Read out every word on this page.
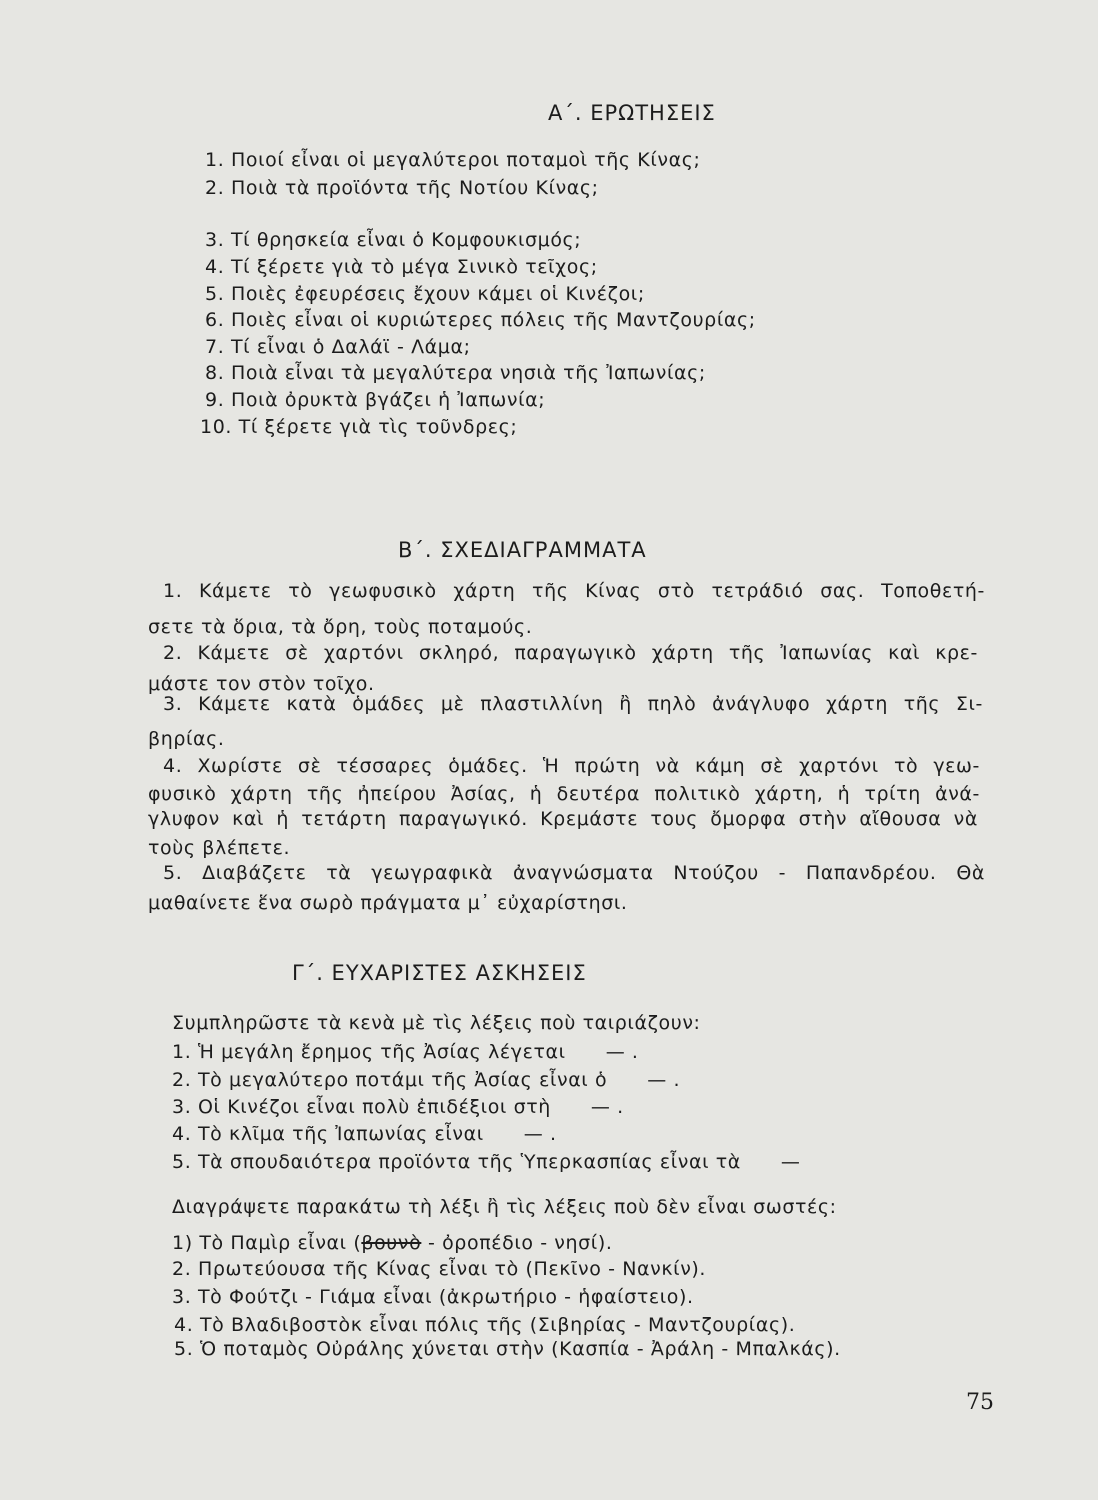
Α΄. ΕΡΩΤΗΣΕΙΣ
1. Ποιοί εἶναι οἱ μεγαλύτεροι ποταμοὶ τῆς Κίνας;
2. Ποιὰ τὰ προϊόντα τῆς Νοτίου Κίνας;
3. Τί θρησκεία εἶναι ὁ Κομφουκισμός;
4. Τί ξέρετε γιὰ τὸ μέγα Σινικὸ τεῖχος;
5. Ποιὲς ἐφευρέσεις ἔχουν κάμει οἱ Κινέζοι;
6. Ποιὲς εἶναι οἱ κυριώτερες πόλεις τῆς Μαντζουρίας;
7. Τί εἶναι ὁ Δαλάϊ - Λάμα;
8. Ποιὰ εἶναι τὰ μεγαλύτερα νησιὰ τῆς Ἰαπωνίας;
9. Ποιὰ ὀρυκτὰ βγάζει ἡ Ἰαπωνία;
10. Τί ξέρετε γιὰ τὶς τοῦνδρες;
Β΄. ΣΧΕΔΙΑΓΡΑΜΜΑΤΑ
1. Κάμετε τὸ γεωφυσικὸ χάρτη τῆς Κίνας στὸ τετράδιό σας. Τοποθετή-
σετε τὰ ὅρια, τὰ ὄρη, τοὺς ποταμούς.
2. Κάμετε σὲ χαρτόνι σκληρό, παραγωγικὸ χάρτη τῆς Ἰαπωνίας καὶ κρε-
μάστε τον στὸν τοῖχο.
3. Κάμετε κατὰ ὁμάδες μὲ πλαστιλλίνη ἢ πηλὸ ἀνάγλυφο χάρτη τῆς Σι-
βηρίας.
4. Χωρίστε σὲ τέσσαρες ὁμάδες. Ἡ πρώτη νὰ κάμη σὲ χαρτόνι τὸ γεω-
φυσικὸ χάρτη τῆς ἠπείρου Ἀσίας, ἡ δευτέρα πολιτικὸ χάρτη, ἡ τρίτη ἀνά-
γλυφον καὶ ἡ τετάρτη παραγωγικό. Κρεμάστε τους ὄμορφα στὴν αἴθουσα νὰ
τοὺς βλέπετε.
5. Διαβάζετε τὰ γεωγραφικὰ ἀναγνώσματα Ντούζου - Παπανδρέου. Θὰ
μαθαίνετε ἕνα σωρὸ πράγματα μ᾿ εὐχαρίστησι.
Γ΄. ΕΥΧΑΡΙΣΤΕΣ ΑΣΚΗΣΕΙΣ
Συμπληρῶστε τὰ κενὰ μὲ τὶς λέξεις ποὺ ταιριάζουν:
1. Ἡ μεγάλη ἔρημος τῆς Ἀσίας λέγεται — .
2. Τὸ μεγαλύτερο ποτάμι τῆς Ἀσίας εἶναι ὁ — .
3. Οἱ Κινέζοι εἶναι πολὺ ἐπιδέξιοι στὴ — .
4. Τὸ κλῖμα τῆς Ἰαπωνίας εἶναι — .
5. Τὰ σπουδαιότερα προϊόντα τῆς Ὑπερκασπίας εἶναι τὰ —
Διαγράψετε παρακάτω τὴ λέξι ἢ τὶς λέξεις ποὺ δὲν εἶναι σωστές:
1) Τὸ Παμὶρ εἶναι (βουνὸ - ὀροπέδιο - νησί).
2. Πρωτεύουσα τῆς Κίνας εἶναι τὸ (Πεκῖνο - Νανκίν).
3. Τὸ Φούτζι - Γιάμα εἶναι (ἀκρωτήριο - ἡφαίστειο).
4. Τὸ Βλαδιβοστὸκ εἶναι πόλις τῆς (Σιβηρίας - Μαντζουρίας).
5. Ὁ ποταμὸς Οὐράλης χύνεται στὴν (Κασπία - Ἀράλη - Μπαλκάς).
75
